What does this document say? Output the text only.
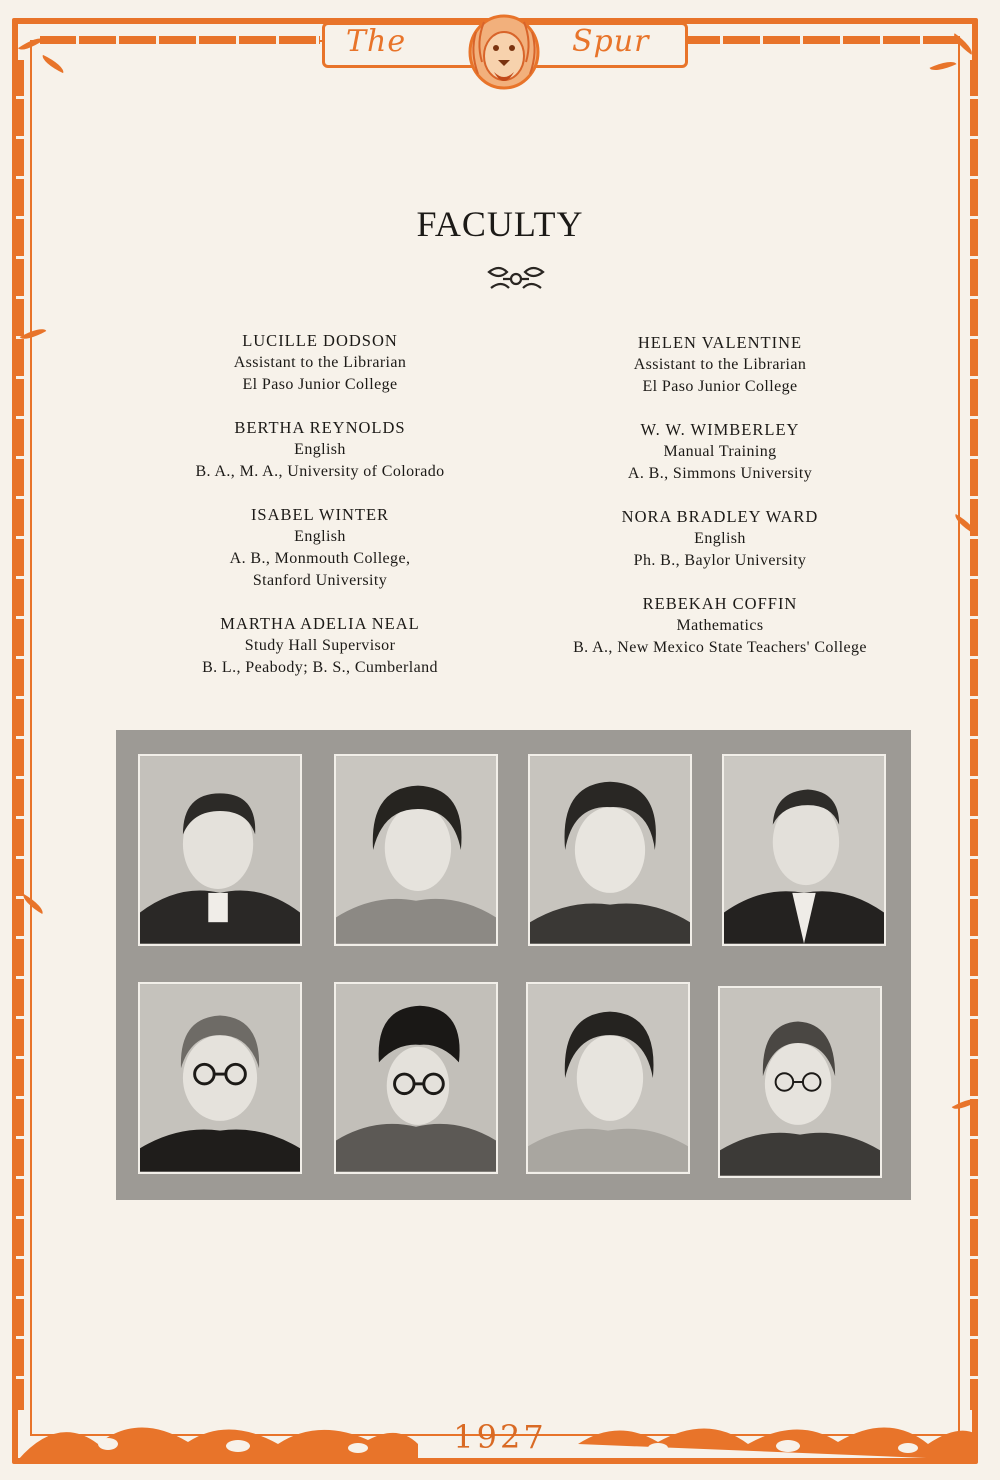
The	Spur
FACULTY
LUCILLE DODSON
Assistant to the Librarian
El Paso Junior College
BERTHA REYNOLDS
English
B. A., M. A., University of Colorado
ISABEL WINTER
English
A. B., Monmouth College,
Stanford University
MARTHA ADELIA NEAL
Study Hall Supervisor
B. L., Peabody; B. S., Cumberland
HELEN VALENTINE
Assistant to the Librarian
El Paso Junior College
W. W. WIMBERLEY
Manual Training
A. B., Simmons University
NORA BRADLEY WARD
English
Ph. B., Baylor University
REBEKAH COFFIN
Mathematics
B. A., New Mexico State Teachers' College
1927
